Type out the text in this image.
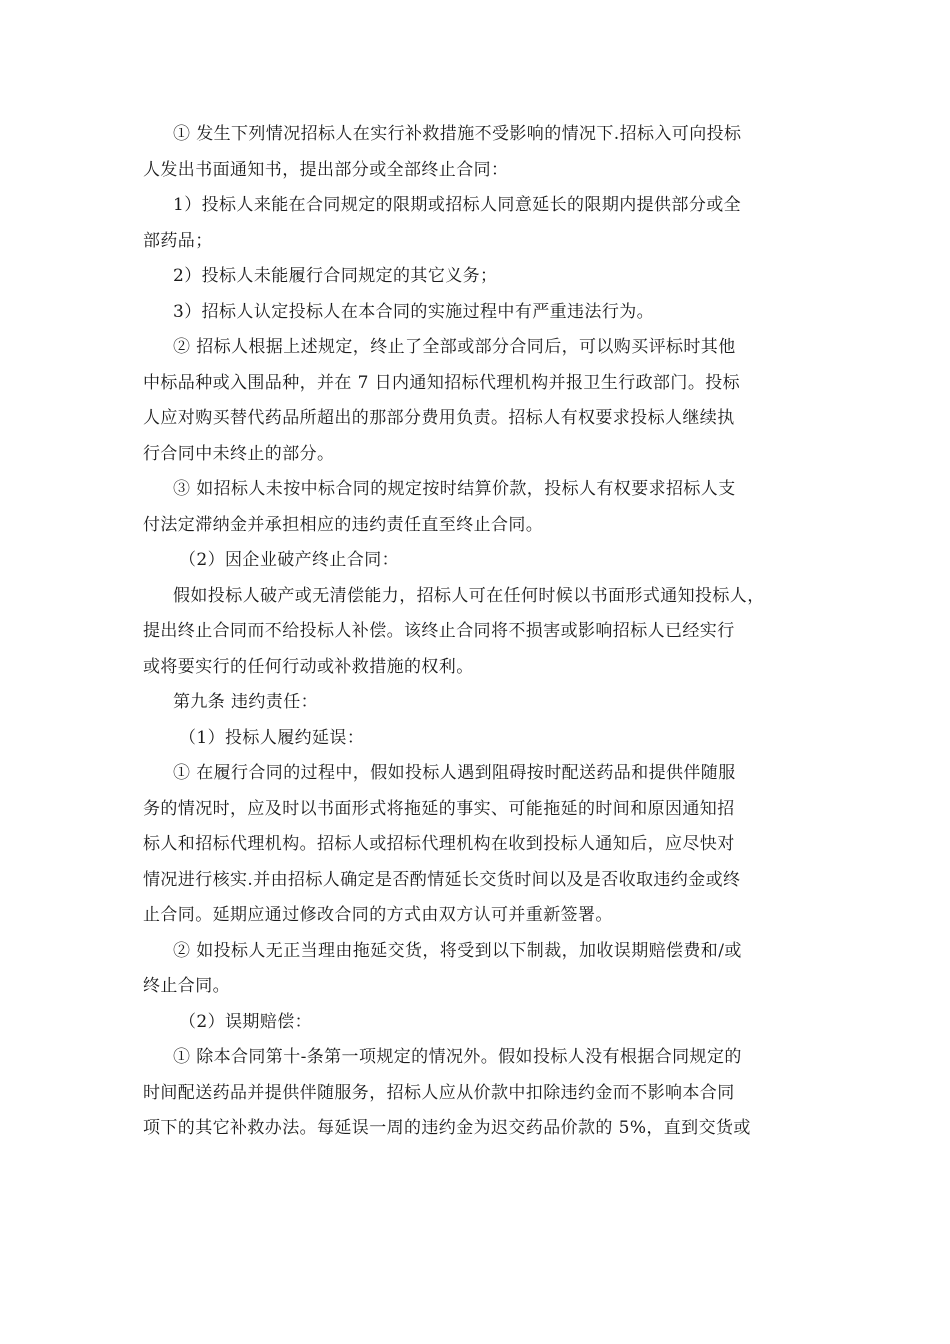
① 发生下列情况招标人在实行补救措施不受影响的情况下.招标入可向投标
人发出书面通知书，提出部分或全部终止合同：
1）投标人来能在合同规定的限期或招标人同意延长的限期内提供部分或全
部药品；
2）投标人未能履行合同规定的其它义务；
3）招标人认定投标人在本合同的实施过程中有严重违法行为。
② 招标人根据上述规定，终止了全部或部分合同后，可以购买评标时其他
中标品种或入围品种，并在 7 日内通知招标代理机构并报卫生行政部门。投标
人应对购买替代药品所超出的那部分费用负责。招标人有权要求投标人继续执
行合同中未终止的部分。
③ 如招标人未按中标合同的规定按时结算价款，投标人有权要求招标人支
付法定滞纳金并承担相应的违约责任直至终止合同。
（2）因企业破产终止合同：
假如投标人破产或无清偿能力，招标人可在任何时候以书面形式通知投标人，
提出终止合同而不给投标人补偿。该终止合同将不损害或影响招标人已经实行
或将要实行的任何行动或补救措施的权利。
第九条 违约责任：
（1）投标人履约延误：
① 在履行合同的过程中，假如投标人遇到阻碍按时配送药品和提供伴随服
务的情况时，应及时以书面形式将拖延的事实、可能拖延的时间和原因通知招
标人和招标代理机构。招标人或招标代理机构在收到投标人通知后，应尽快对
情况进行核实.并由招标人确定是否酌情延长交货时间以及是否收取违约金或终
止合同。延期应通过修改合同的方式由双方认可并重新签署。
② 如投标人无正当理由拖延交货，将受到以下制裁，加收误期赔偿费和/或
终止合同。
（2）误期赔偿：
① 除本合同第十-条第一项规定的情况外。假如投标人没有根据合同规定的
时间配送药品并提供伴随服务，招标人应从价款中扣除违约金而不影响本合同
项下的其它补救办法。每延误一周的违约金为迟交药品价款的 5%，直到交货或
